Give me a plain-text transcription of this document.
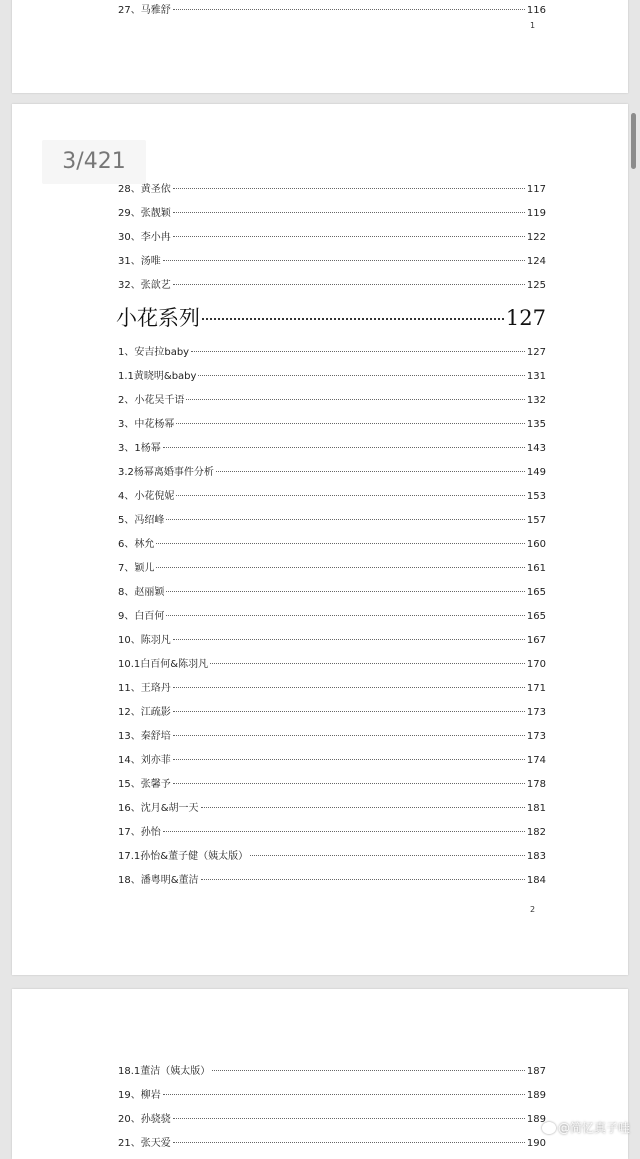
27、马雅舒	116
1
28、黄圣依	117
29、张靓颖	119
30、李小冉	122
31、汤唯	124
32、张歆艺	125
小花系列	127
1、安吉拉baby	127
1.1黄晓明&baby	131
2、小花吴千语	132
3、中花杨幂	135
3、1杨幂	143
3.2杨幂离婚事件分析	149
4、小花倪妮	153
5、冯绍峰	157
6、林允	160
7、颖儿	161
8、赵丽颖	165
9、白百何	165
10、陈羽凡	167
10.1白百何&陈羽凡	170
11、王珞丹	171
12、江疏影	173
13、秦舒培	173
14、刘亦菲	174
15、张馨予	178
16、沈月&胡一天	181
17、孙怡	182
17.1孙怡&董子健（姨太版）	183
18、潘粤明&董洁	184
2
18.1董洁（姨太版）	187
19、柳岩	189
20、孙骁骁	189
21、张天爱	190
3/421
@简忆真子哇
